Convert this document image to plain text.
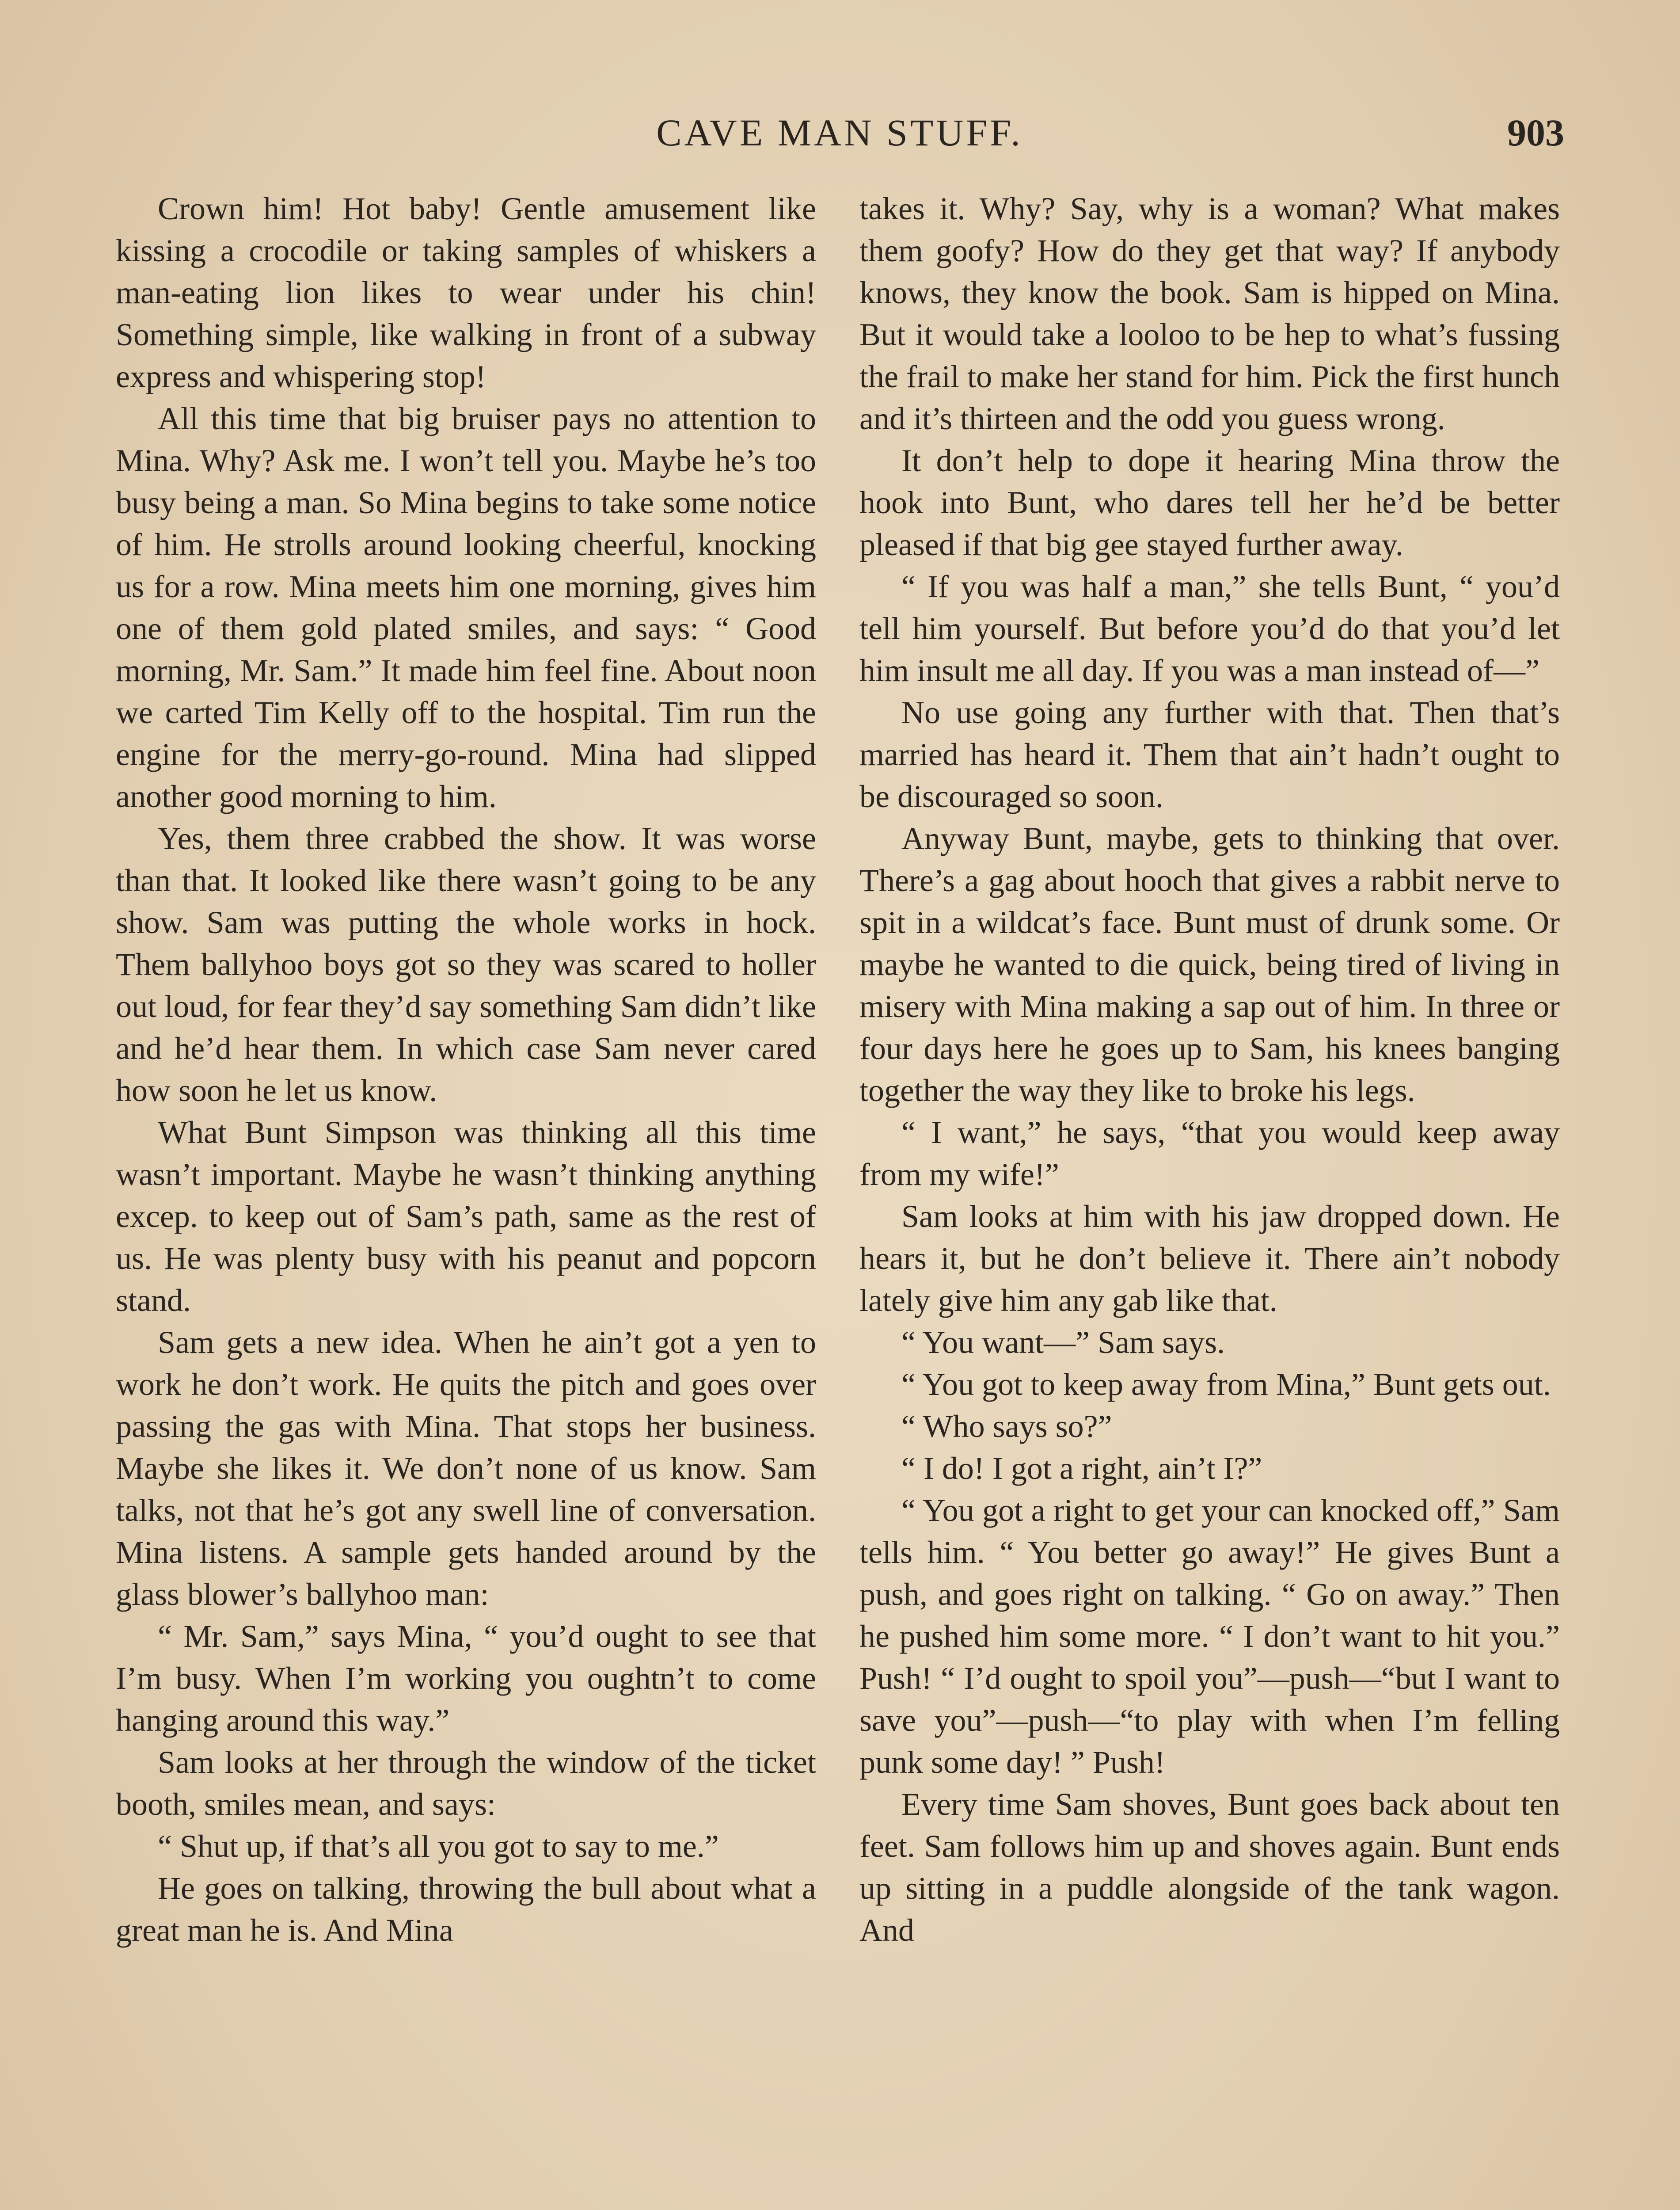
CAVE MAN STUFF.	903

Crown him! Hot baby! Gentle amusement like kissing a crocodile or taking samples of whiskers a man-eating lion likes to wear under his chin! Something simple, like walking in front of a subway express and whispering stop!

All this time that big bruiser pays no attention to Mina. Why? Ask me. I won’t tell you. Maybe he’s too busy being a man. So Mina begins to take some notice of him. He strolls around looking cheerful, knocking us for a row. Mina meets him one morning, gives him one of them gold plated smiles, and says: “ Good morning, Mr. Sam.” It made him feel fine. About noon we carted Tim Kelly off to the hospital. Tim run the engine for the merry-go-round. Mina had slipped another good morning to him.

Yes, them three crabbed the show. It was worse than that. It looked like there wasn’t going to be any show. Sam was putting the whole works in hock. Them ballyhoo boys got so they was scared to holler out loud, for fear they’d say something Sam didn’t like and he’d hear them. In which case Sam never cared how soon he let us know.

What Bunt Simpson was thinking all this time wasn’t important. Maybe he wasn’t thinking anything excep. to keep out of Sam’s path, same as the rest of us. He was plenty busy with his peanut and popcorn stand.

Sam gets a new idea. When he ain’t got a yen to work he don’t work. He quits the pitch and goes over passing the gas with Mina. That stops her business. Maybe she likes it. We don’t none of us know. Sam talks, not that he’s got any swell line of conversation. Mina listens. A sample gets handed around by the glass blower’s ballyhoo man:

“ Mr. Sam,” says Mina, “ you’d ought to see that I’m busy. When I’m working you oughtn’t to come hanging around this way.”

Sam looks at her through the window of the ticket booth, smiles mean, and says:

“ Shut up, if that’s all you got to say to me.”

He goes on talking, throwing the bull about what a great man he is. And Mina

takes it. Why? Say, why is a woman? What makes them goofy? How do they get that way? If anybody knows, they know the book. Sam is hipped on Mina. But it would take a looloo to be hep to what’s fussing the frail to make her stand for him. Pick the first hunch and it’s thirteen and the odd you guess wrong.

It don’t help to dope it hearing Mina throw the hook into Bunt, who dares tell her he’d be better pleased if that big gee stayed further away.

“ If you was half a man,” she tells Bunt, “ you’d tell him yourself. But before you’d do that you’d let him insult me all day. If you was a man instead of—”

No use going any further with that. Then that’s married has heard it. Them that ain’t hadn’t ought to be discouraged so soon.

Anyway Bunt, maybe, gets to thinking that over. There’s a gag about hooch that gives a rabbit nerve to spit in a wildcat’s face. Bunt must of drunk some. Or maybe he wanted to die quick, being tired of living in misery with Mina making a sap out of him. In three or four days here he goes up to Sam, his knees banging together the way they like to broke his legs.

“ I want,” he says, “that you would keep away from my wife!”

Sam looks at him with his jaw dropped down. He hears it, but he don’t believe it. There ain’t nobody lately give him any gab like that.

“ You want—” Sam says.

“ You got to keep away from Mina,” Bunt gets out.

“ Who says so?”

“ I do! I got a right, ain’t I?”

“ You got a right to get your can knocked off,” Sam tells him. “ You better go away!” He gives Bunt a push, and goes right on talking. “ Go on away.” Then he pushed him some more. “ I don’t want to hit you.” Push! “ I’d ought to spoil you”—push—“but I want to save you”—push—“to play with when I’m felling punk some day! ” Push!

Every time Sam shoves, Bunt goes back about ten feet. Sam follows him up and shoves again. Bunt ends up sitting in a puddle alongside of the tank wagon. And
